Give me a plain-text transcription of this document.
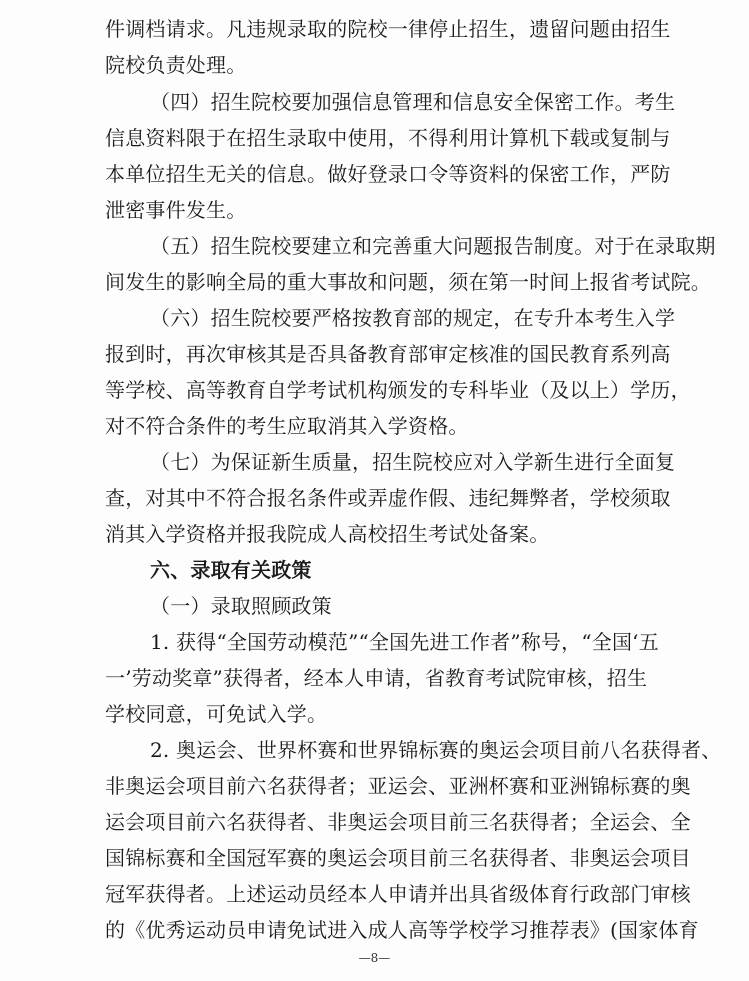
件调档请求。凡违规录取的院校一律停止招生，遗留问题由招生
院校负责处理。
（四）招生院校要加强信息管理和信息安全保密工作。考生
信息资料限于在招生录取中使用，不得利用计算机下载或复制与
本单位招生无关的信息。做好登录口令等资料的保密工作，严防
泄密事件发生。
（五）招生院校要建立和完善重大问题报告制度。对于在录取期
间发生的影响全局的重大事故和问题，须在第一时间上报省考试院。
（六）招生院校要严格按教育部的规定，在专升本考生入学
报到时，再次审核其是否具备教育部审定核准的国民教育系列高
等学校、高等教育自学考试机构颁发的专科毕业（及以上）学历，
对不符合条件的考生应取消其入学资格。
（七）为保证新生质量，招生院校应对入学新生进行全面复
查，对其中不符合报名条件或弄虚作假、违纪舞弊者，学校须取
消其入学资格并报我院成人高校招生考试处备案。
六、录取有关政策
（一）录取照顾政策
1. 获得“全国劳动模范”“全国先进工作者”称号，“全国‘五
一’劳动奖章”获得者，经本人申请，省教育考试院审核，招生
学校同意，可免试入学。
2. 奥运会、世界杯赛和世界锦标赛的奥运会项目前八名获得者、
非奥运会项目前六名获得者；亚运会、亚洲杯赛和亚洲锦标赛的奥
运会项目前六名获得者、非奥运会项目前三名获得者；全运会、全
国锦标赛和全国冠军赛的奥运会项目前三名获得者、非奥运会项目
冠军获得者。上述运动员经本人申请并出具省级体育行政部门审核
的《优秀运动员申请免试进入成人高等学校学习推荐表》(国家体育
—8—
